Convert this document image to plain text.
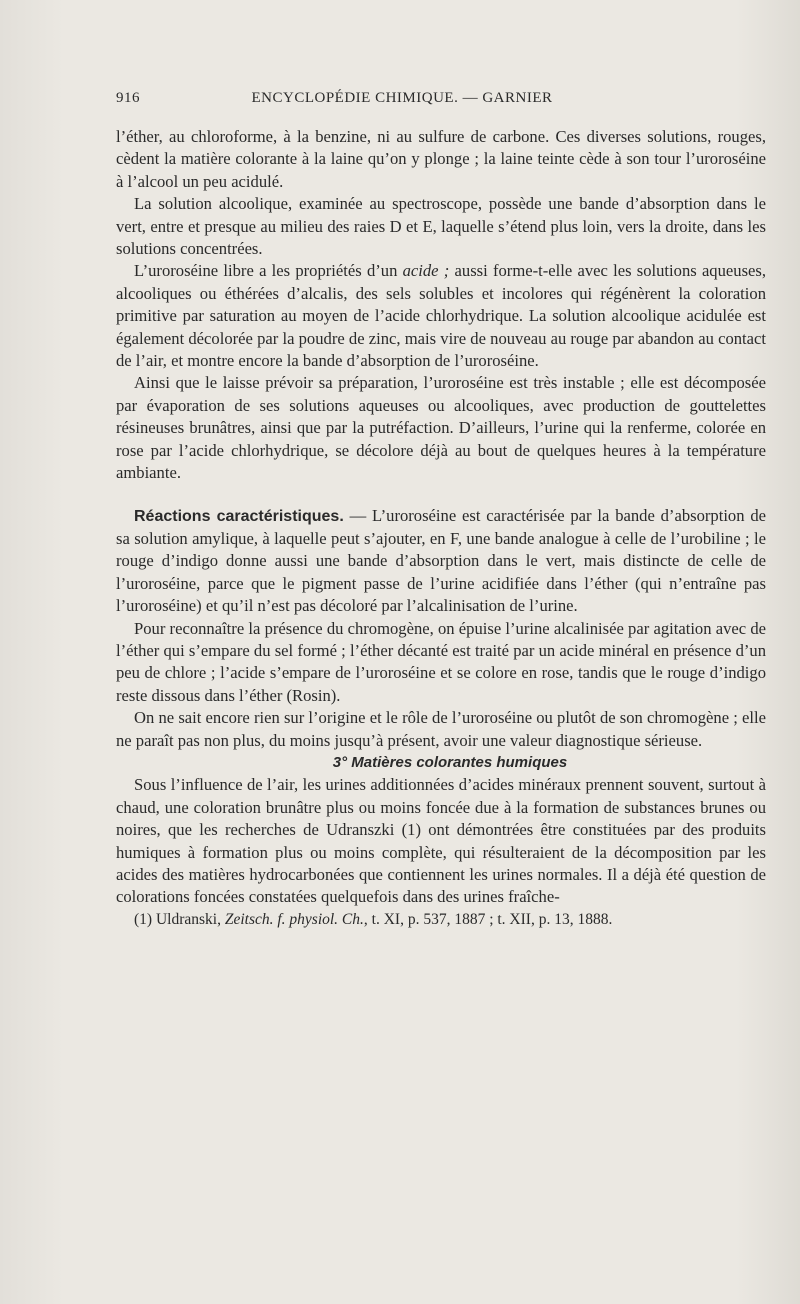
916	ENCYCLOPÉDIE CHIMIQUE. — GARNIER

l’éther, au chloroforme, à la benzine, ni au sulfure de carbone. Ces diverses solutions, rouges, cèdent la matière colorante à la laine qu’on y plonge ; la laine teinte cède à son tour l’uroroséine à l’alcool un peu acidulé.

La solution alcoolique, examinée au spectroscope, possède une bande d’absorption dans le vert, entre et presque au milieu des raies D et E, laquelle s’étend plus loin, vers la droite, dans les solutions concentrées.

L’uroroséine libre a les propriétés d’un acide ; aussi forme-t-elle avec les solutions aqueuses, alcooliques ou éthérées d’alcalis, des sels solubles et incolores qui régénèrent la coloration primitive par saturation au moyen de l’acide chlorhydrique. La solution alcoolique acidulée est également décolorée par la poudre de zinc, mais vire de nouveau au rouge par abandon au contact de l’air, et montre encore la bande d’absorption de l’uroroséine.

Ainsi que le laisse prévoir sa préparation, l’uroroséine est très instable ; elle est décomposée par évaporation de ses solutions aqueuses ou alcooliques, avec production de gouttelettes résineuses brunâtres, ainsi que par la putréfaction. D’ailleurs, l’urine qui la renferme, colorée en rose par l’acide chlorhydrique, se décolore déjà au bout de quelques heures à la température ambiante.

Réactions caractéristiques. — L’uroroséine est caractérisée par la bande d’absorption de sa solution amylique, à laquelle peut s’ajouter, en F, une bande analogue à celle de l’urobiline ; le rouge d’indigo donne aussi une bande d’absorption dans le vert, mais distincte de celle de l’uroroséine, parce que le pigment passe de l’urine acidifiée dans l’éther (qui n’entraîne pas l’uroroséine) et qu’il n’est pas décoloré par l’alcalinisation de l’urine.

Pour reconnaître la présence du chromogène, on épuise l’urine alcalinisée par agitation avec de l’éther qui s’empare du sel formé ; l’éther décanté est traité par un acide minéral en présence d’un peu de chlore ; l’acide s’empare de l’uroroséine et se colore en rose, tandis que le rouge d’indigo reste dissous dans l’éther (Rosin).

On ne sait encore rien sur l’origine et le rôle de l’uroroséine ou plutôt de son chromogène ; elle ne paraît pas non plus, du moins jusqu’à présent, avoir une valeur diagnostique sérieuse.

3° Matières colorantes humiques

Sous l’influence de l’air, les urines additionnées d’acides minéraux prennent souvent, surtout à chaud, une coloration brunâtre plus ou moins foncée due à la formation de substances brunes ou noires, que les recherches de Udranszki (1) ont démontrées être constituées par des produits humiques à formation plus ou moins complète, qui résulteraient de la décomposition par les acides des matières hydrocarbonées que contiennent les urines normales. Il a déjà été question de colorations foncées constatées quelquefois dans des urines fraîche-

(1) Uldranski, Zeitsch. f. physiol. Ch., t. XI, p. 537, 1887 ; t. XII, p. 13, 1888.
